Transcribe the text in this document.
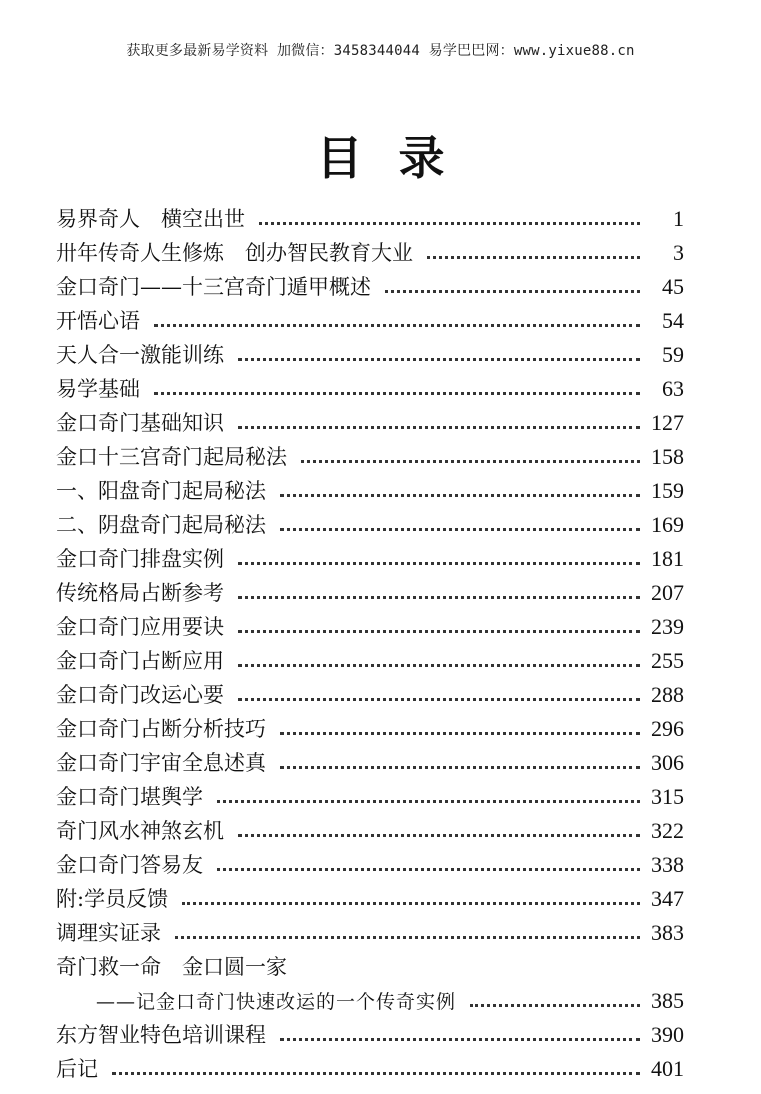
获取更多最新易学资料 加微信：3458344044 易学巴巴网：www.yixue88.cn
目录
易界奇人　横空出世	1
卅年传奇人生修炼　创办智民教育大业	3
金口奇门——十三宫奇门遁甲概述	45
开悟心语	54
天人合一激能训练	59
易学基础	63
金口奇门基础知识	127
金口十三宫奇门起局秘法	158
一、阳盘奇门起局秘法	159
二、阴盘奇门起局秘法	169
金口奇门排盘实例	181
传统格局占断参考	207
金口奇门应用要诀	239
金口奇门占断应用	255
金口奇门改运心要	288
金口奇门占断分析技巧	296
金口奇门宇宙全息述真	306
金口奇门堪舆学	315
奇门风水神煞玄机	322
金口奇门答易友	338
附:学员反馈	347
调理实证录	383
奇门救一命　金口圆一家
——记金口奇门快速改运的一个传奇实例	385
东方智业特色培训课程	390
后记	401
